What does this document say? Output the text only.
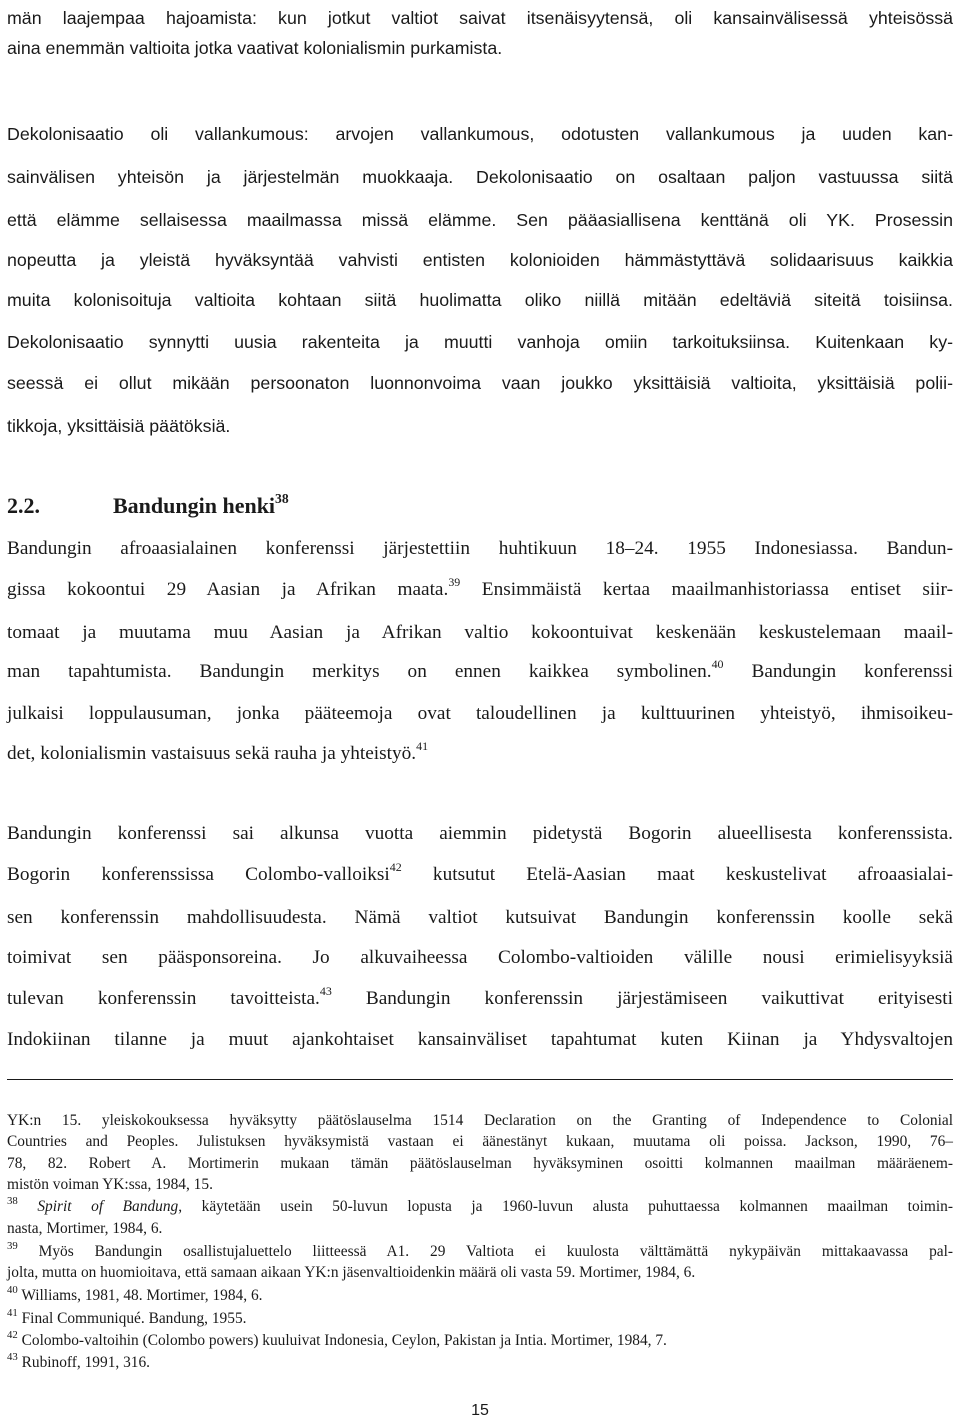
män laajempaa hajoamista: kun jotkut valtiot saivat itsenäisyytensä, oli kansainvälisessä yhteisössä
aina enemmän valtioita jotka vaativat kolonialismin purkamista.
Dekolonisaatio oli vallankumous: arvojen vallankumous, odotusten vallankumous ja uuden kan-
sainvälisen yhteisön ja järjestelmän muokkaaja. Dekolonisaatio on osaltaan paljon vastuussa siitä
että elämme sellaisessa maailmassa missä elämme. Sen pääasiallisena kenttänä oli YK. Prosessin
nopeutta ja yleistä hyväksyntää vahvisti entisten kolonioiden hämmästyttävä solidaarisuus kaikkia
muita kolonisoituja valtioita kohtaan siitä huolimatta oliko niillä mitään edeltäviä siteitä toisiinsa.
Dekolonisaatio synnytti uusia rakenteita ja muutti vanhoja omiin tarkoituksiinsa. Kuitenkaan ky-
seessä ei ollut mikään persoonaton luonnonvoima vaan joukko yksittäisiä valtioita, yksittäisiä polii-
tikkoja, yksittäisiä päätöksiä.
2.2.	Bandungin henki$^{38}$
Bandungin afroaasialainen konferenssi järjestettiin huhtikuun 18–24. 1955 Indonesiassa. Bandun-
gissa kokoontui 29 Aasian ja Afrikan maata.$^{39}$ Ensimmäistä kertaa maailmanhistoriassa entiset siir-
tomaat ja muutama muu Aasian ja Afrikan valtio kokoontuivat keskenään keskustelemaan maail-
man tapahtumista. Bandungin merkitys on ennen kaikkea symbolinen.$^{40}$ Bandungin konferenssi
julkaisi loppulausuman, jonka pääteemoja ovat taloudellinen ja kulttuurinen yhteistyö, ihmisoikeu-
det, kolonialismin vastaisuus sekä rauha ja yhteistyö.$^{41}$
Bandungin konferenssi sai alkunsa vuotta aiemmin pidetystä Bogorin alueellisesta konferenssista.
Bogorin konferenssissa Colombo-valloiksi$^{42}$ kutsutut Etelä-Aasian maat keskustelivat afroaasialai-
sen konferenssin mahdollisuudesta. Nämä valtiot kutsuivat Bandungin konferenssin koolle sekä
toimivat sen pääsponsoreina. Jo alkuvaiheessa Colombo-valtioiden välille nousi erimielisyyksiä
tulevan konferenssin tavoitteista.$^{43}$ Bandungin konferenssin järjestämiseen vaikuttivat erityisesti
Indokiinan tilanne ja muut ajankohtaiset kansainväliset tapahtumat kuten Kiinan ja Yhdysvaltojen
YK:n 15. yleiskokouksessa hyväksytty päätöslauselma 1514 Declaration on the Granting of Independence to Colonial
Countries and Peoples. Julistuksen hyväksymistä vastaan ei äänestänyt kukaan, muutama oli poissa. Jackson, 1990, 76–
78, 82. Robert A. Mortimerin mukaan tämän päätöslauselman hyväksyminen osoitti kolmannen maailman määräenem-
mistön voiman YK:ssa, 1984, 15.
$^{38}$ Spirit of Bandung, käytetään usein 50-luvun lopusta ja 1960-luvun alusta puhuttaessa kolmannen maailman toimin-
nasta, Mortimer, 1984, 6.
$^{39}$ Myös Bandungin osallistujaluettelo liitteessä A1. 29 Valtiota ei kuulosta välttämättä nykypäivän mittakaavassa pal-
jolta, mutta on huomioitava, että samaan aikaan YK:n jäsenvaltioidenkin määrä oli vasta 59. Mortimer, 1984, 6.
$^{40}$ Williams, 1981, 48. Mortimer, 1984, 6.
$^{41}$ Final Communiqué. Bandung, 1955.
$^{42}$ Colombo-valtoihin (Colombo powers) kuuluivat Indonesia, Ceylon, Pakistan ja Intia. Mortimer, 1984, 7.
$^{43}$ Rubinoff, 1991, 316.
15
